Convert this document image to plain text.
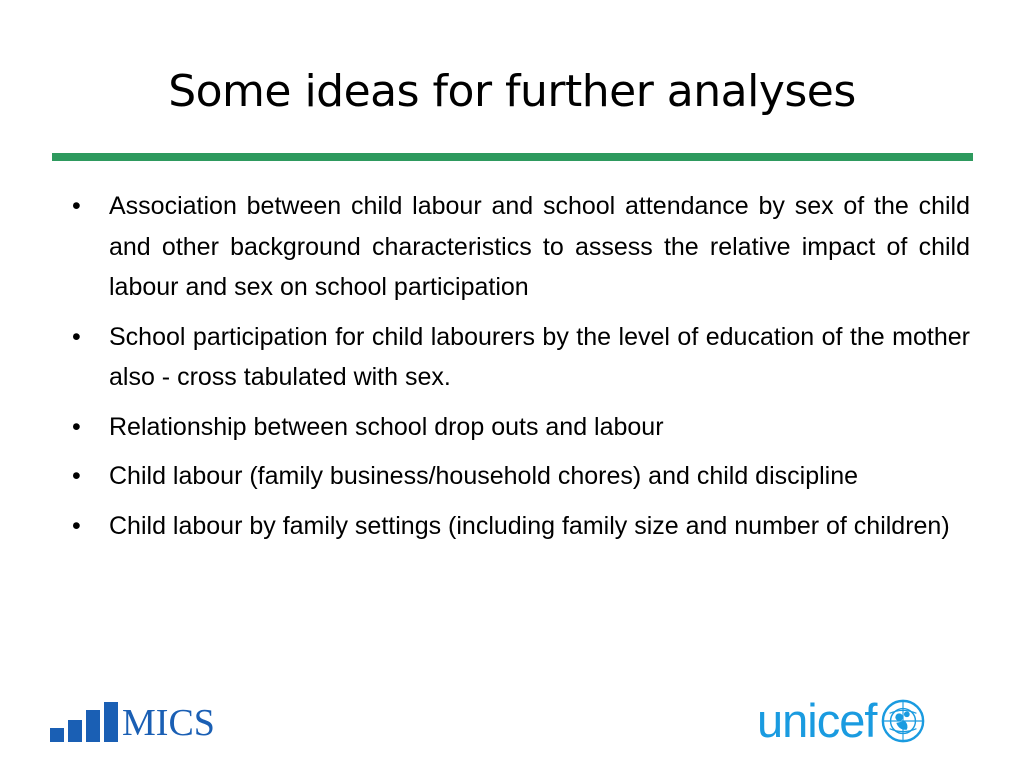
Some ideas for further analyses
•	Association between child labour and school attendance by sex of the child and other background characteristics to assess the relative impact of child labour and sex on school participation
•	School participation for child labourers by the level of education of the mother also - cross tabulated with sex.
•	Relationship between school drop outs and labour
•	Child labour (family business/household chores) and child discipline
•	Child labour by family settings (including family size and number of children)
MICS	unicef
